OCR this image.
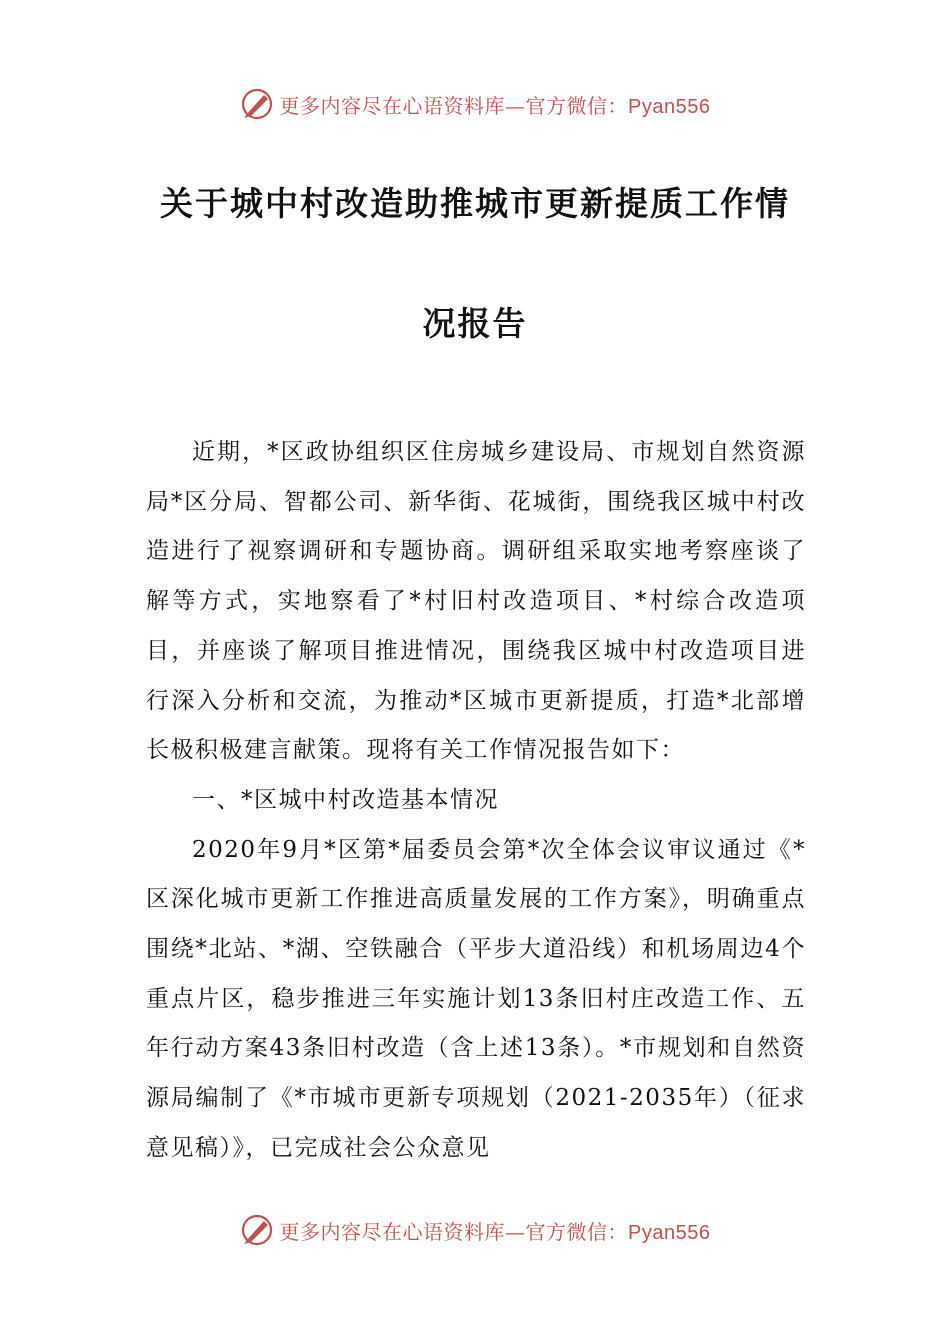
更多内容尽在心语资料库—官方微信：Pyan556
关于城中村改造助推城市更新提质工作情
况报告

近期，*区政协组织区住房城乡建设局、市规划自然资源局*区分局、智都公司、新华街、花城街，围绕我区城中村改造进行了视察调研和专题协商。调研组采取实地考察座谈了解等方式，实地察看了*村旧村改造项目、*村综合改造项目，并座谈了解项目推进情况，围绕我区城中村改造项目进行深入分析和交流，为推动*区城市更新提质，打造*北部增长极积极建言献策。现将有关工作情况报告如下：

一、*区城中村改造基本情况

2020年9月*区第*届委员会第*次全体会议审议通过《*区深化城市更新工作推进高质量发展的工作方案》，明确重点围绕*北站、*湖、空铁融合（平步大道沿线）和机场周边4个重点片区，稳步推进三年实施计划13条旧村庄改造工作、五年行动方案43条旧村改造（含上述13条）。*市规划和自然资源局编制了《*市城市更新专项规划（2021-2035年）（征求意见稿）》，已完成社会公众意见

更多内容尽在心语资料库—官方微信：Pyan556
